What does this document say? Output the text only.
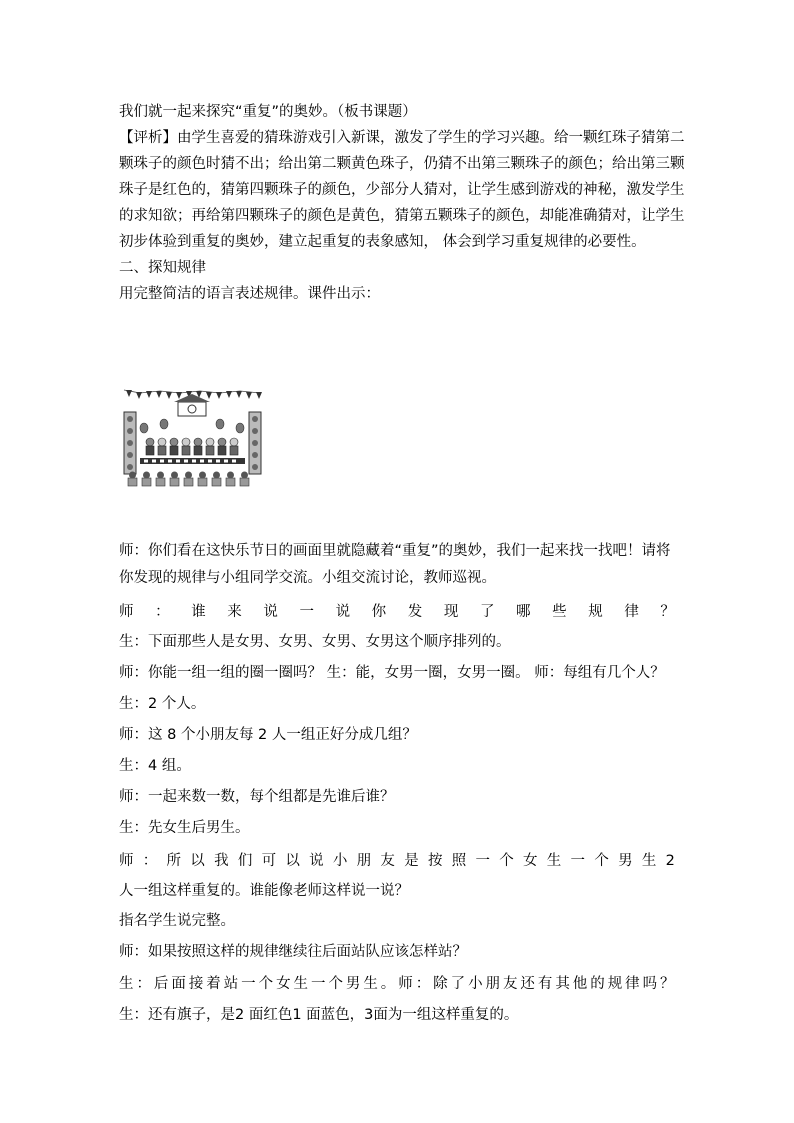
我们就一起来探究“重复”的奥妙。（板书课题）
【评析】由学生喜爱的猜珠游戏引入新课，激发了学生的学习兴趣。给一颗红珠子猜第二
颗珠子的颜色时猜不出；给出第二颗黄色珠子，仍猜不出第三颗珠子的颜色；给出第三颗
珠子是红色的，猜第四颗珠子的颜色，少部分人猜对，让学生感到游戏的神秘，激发学生
的求知欲；再给第四颗珠子的颜色是黄色，猜第五颗珠子的颜色，却能准确猜对，让学生
初步体验到重复的奥妙，建立起重复的表象感知， 体会到学习重复规律的必要性。
二、探知规律
用完整简洁的语言表述规律。课件出示：
师：你们看在这快乐节日的画面里就隐藏着“重复”的奥妙，我们一起来找一找吧！请将
你发现的规律与小组同学交流。小组交流讨论，教师巡视。
师 ： 谁 来 说 一 说 你 发 现 了 哪 些 规 律 ？
生：下面那些人是女男、女男、女男、女男这个顺序排列的。
师：你能一组一组的圈一圈吗？ 生：能，女男一圈，女男一圈。 师：每组有几个人？
生：2 个人。
师：这 8 个小朋友每 2 人一组正好分成几组？
生：4 组。
师：一起来数一数，每个组都是先谁后谁？
生：先女生后男生。
师 ： 所 以 我 们 可 以 说 小 朋 友 是 按 照 一 个 女 生 一 个 男 生 2
人一组这样重复的。谁能像老师这样说一说？
指名学生说完整。
师：如果按照这样的规律继续往后面站队应该怎样站？
生 ： 后 面 接 着 站 一 个 女 生 一 个 男 生 。 师 ： 除 了 小 朋 友 还 有 其 他 的 规 律 吗 ？
生：还有旗子，是2 面红色1 面蓝色，3面为一组这样重复的。
